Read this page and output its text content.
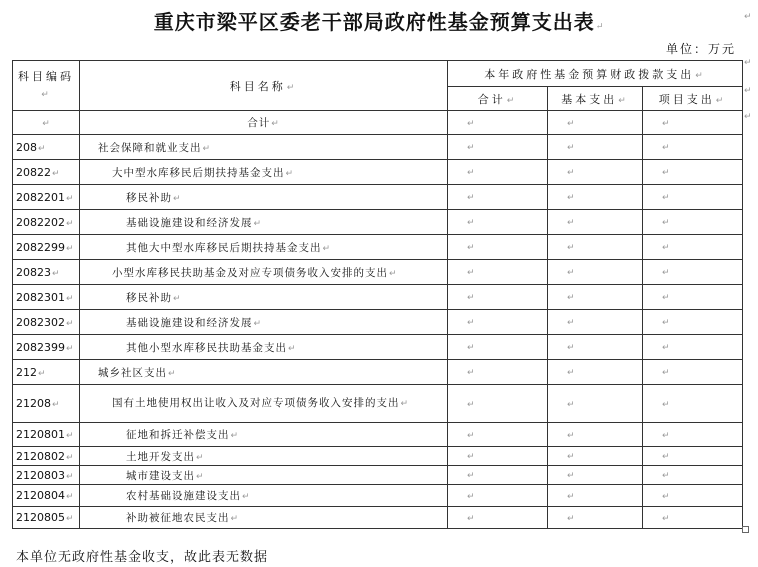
重庆市梁平区委老干部局政府性基金预算支出表↵
单位：万元
科目编码↵	科目名称↵	本年政府性基金预算财政拨款支出↵		
		合计↵	基本支出↵	项目支出↵
↵	合计↵	↵	↵	↵
208↵	社会保障和就业支出↵	↵	↵	↵
20822↵	大中型水库移民后期扶持基金支出↵	↵	↵	↵
2082201↵	移民补助↵	↵	↵	↵
2082202↵	基础设施建设和经济发展↵	↵	↵	↵
2082299↵	其他大中型水库移民后期扶持基金支出↵	↵	↵	↵
20823↵	小型水库移民扶助基金及对应专项债务收入安排的支出↵	↵	↵	↵
2082301↵	移民补助↵	↵	↵	↵
2082302↵	基础设施建设和经济发展↵	↵	↵	↵
2082399↵	其他小型水库移民扶助基金支出↵	↵	↵	↵
212↵	城乡社区支出↵	↵	↵	↵
21208↵	国有土地使用权出让收入及对应专项债务收入安排的支出↵	↵	↵	↵
2120801↵	征地和拆迁补偿支出↵	↵	↵	↵
2120802↵	土地开发支出↵	↵	↵	↵
2120803↵	城市建设支出↵	↵	↵	↵
2120804↵	农村基础设施建设支出↵	↵	↵	↵
2120805↵	补助被征地农民支出↵	↵	↵	↵
↵
本单位无政府性基金收支，故此表无数据
↵
↵
↵
